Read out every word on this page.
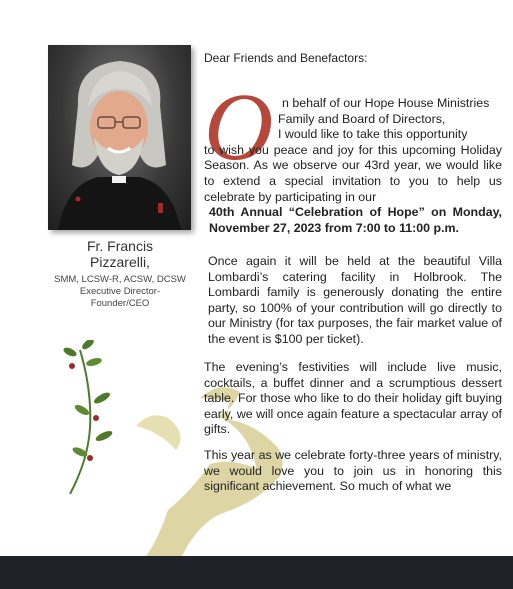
Fr. Francis
Pizzarelli,
SMM, LCSW-R, ACSW, DCSW
Executive Director-
Founder/CEO
Dear Friends and Benefactors:
O n behalf of our Hope House Ministries
Family and Board of Directors,
I would like to take this opportunity
to wish you peace and joy for this upcoming Holiday Season. As we observe our 43rd year, we would like to extend a special invitation to you to help us celebrate by participating in our
40th Annual “Celebration of Hope” on Monday, November 27, 2023 from 7:00 to 11:00 p.m.
Once again it will be held at the beautiful Villa Lombardi’s catering facility in Holbrook. The Lombardi family is generously donating the entire party, so 100% of your contribution will go directly to our Ministry (for tax purposes, the fair market value of the event is $100 per ticket).
The evening’s festivities will include live music, cocktails, a buffet dinner and a scrumptious dessert table. For those who like to do their holiday gift buying early, we will once again feature a spectacular array of gifts.
This year as we celebrate forty-three years of ministry, we would love you to join us in honoring this significant achievement. So much of what we
